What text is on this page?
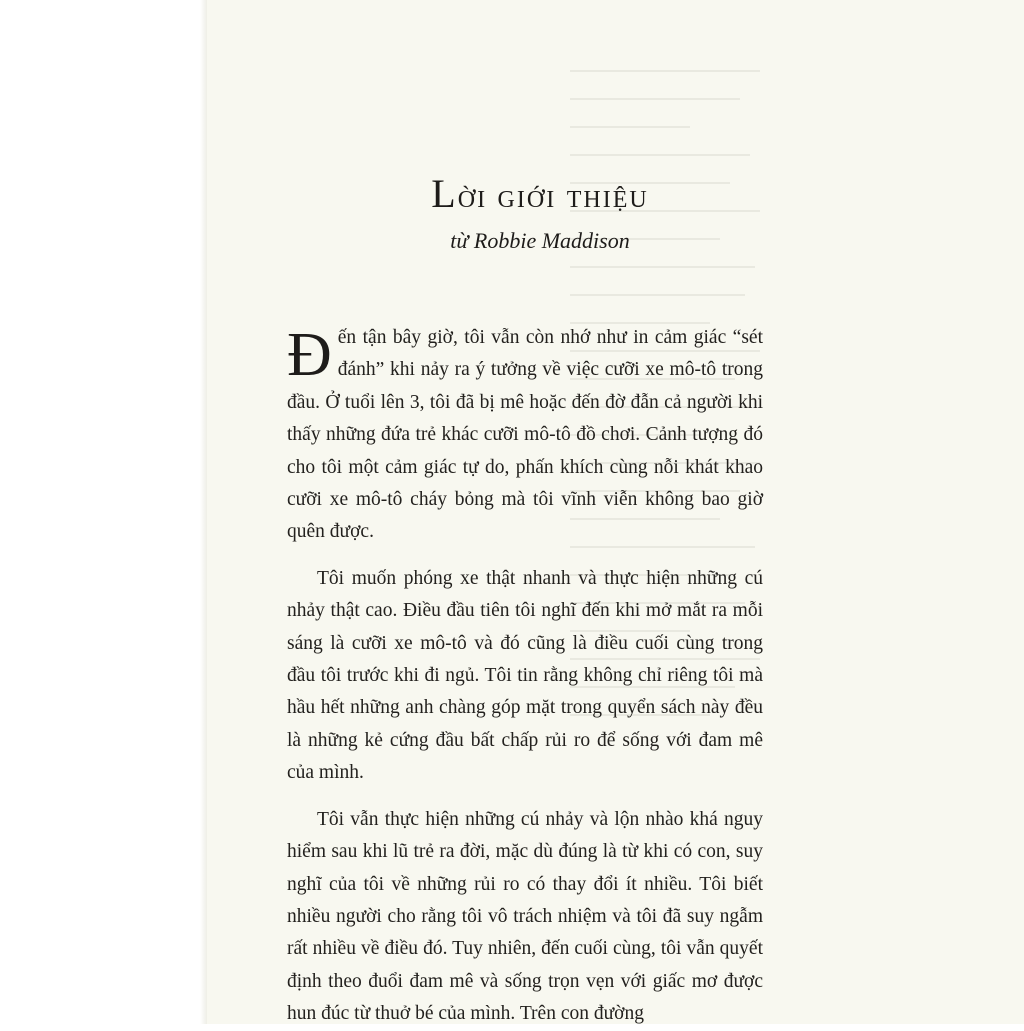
Lời giới thiệu
từ Robbie Maddison

Đến tận bây giờ, tôi vẫn còn nhớ như in cảm giác “sét đánh” khi nảy ra ý tưởng về việc cưỡi xe mô-tô trong đầu. Ở tuổi lên 3, tôi đã bị mê hoặc đến đờ đẫn cả người khi thấy những đứa trẻ khác cưỡi mô-tô đồ chơi. Cảnh tượng đó cho tôi một cảm giác tự do, phấn khích cùng nỗi khát khao cưỡi xe mô-tô cháy bỏng mà tôi vĩnh viễn không bao giờ quên được.

Tôi muốn phóng xe thật nhanh và thực hiện những cú nhảy thật cao. Điều đầu tiên tôi nghĩ đến khi mở mắt ra mỗi sáng là cưỡi xe mô-tô và đó cũng là điều cuối cùng trong đầu tôi trước khi đi ngủ. Tôi tin rằng không chỉ riêng tôi mà hầu hết những anh chàng góp mặt trong quyển sách này đều là những kẻ cứng đầu bất chấp rủi ro để sống với đam mê của mình.

Tôi vẫn thực hiện những cú nhảy và lộn nhào khá nguy hiểm sau khi lũ trẻ ra đời, mặc dù đúng là từ khi có con, suy nghĩ của tôi về những rủi ro có thay đổi ít nhiều. Tôi biết nhiều người cho rằng tôi vô trách nhiệm và tôi đã suy ngẫm rất nhiều về điều đó. Tuy nhiên, đến cuối cùng, tôi vẫn quyết định theo đuổi đam mê và sống trọn vẹn với giấc mơ được hun đúc từ thuở bé của mình. Trên con đường
